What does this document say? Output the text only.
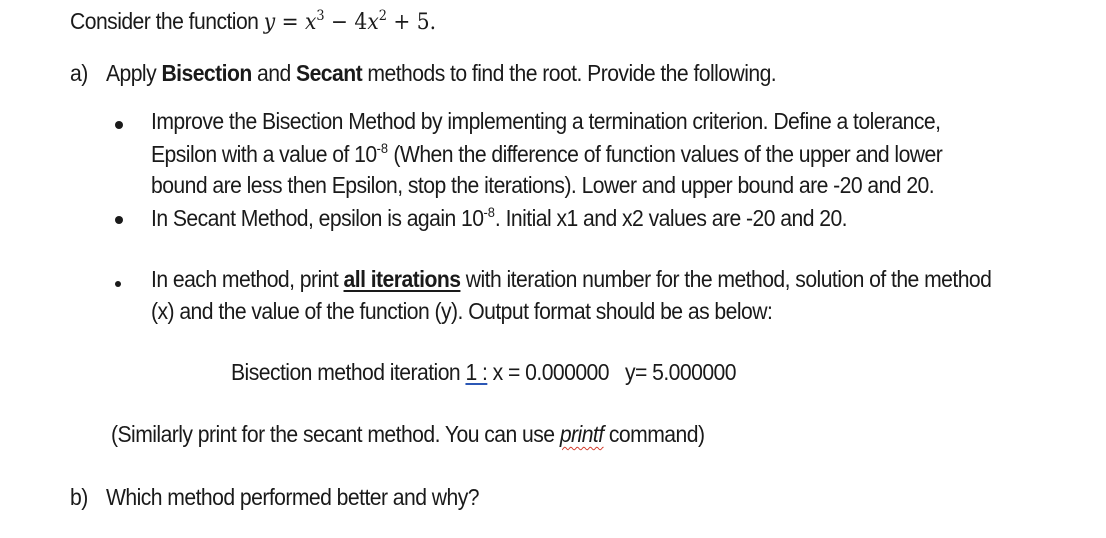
Consider the function $y = x^3 - 4x^2 + 5$.
a) Apply Bisection and Secant methods to find the root. Provide the following.
Improve the Bisection Method by implementing a termination criterion. Define a tolerance,
Epsilon with a value of $10^{-8}$ (When the difference of function values of the upper and lower
bound are less then Epsilon, stop the iterations). Lower and upper bound are -20 and 20.
In Secant Method, epsilon is again $10^{-8}$. Initial x1 and x2 values are -20 and 20.
In each method, print all iterations with iteration number for the method, solution of the method
(x) and the value of the function (y). Output format should be as below:
Bisection method iteration 1 : x = 0.000000   y= 5.000000
(Similarly print for the secant method. You can use printf command)
b) Which method performed better and why?
